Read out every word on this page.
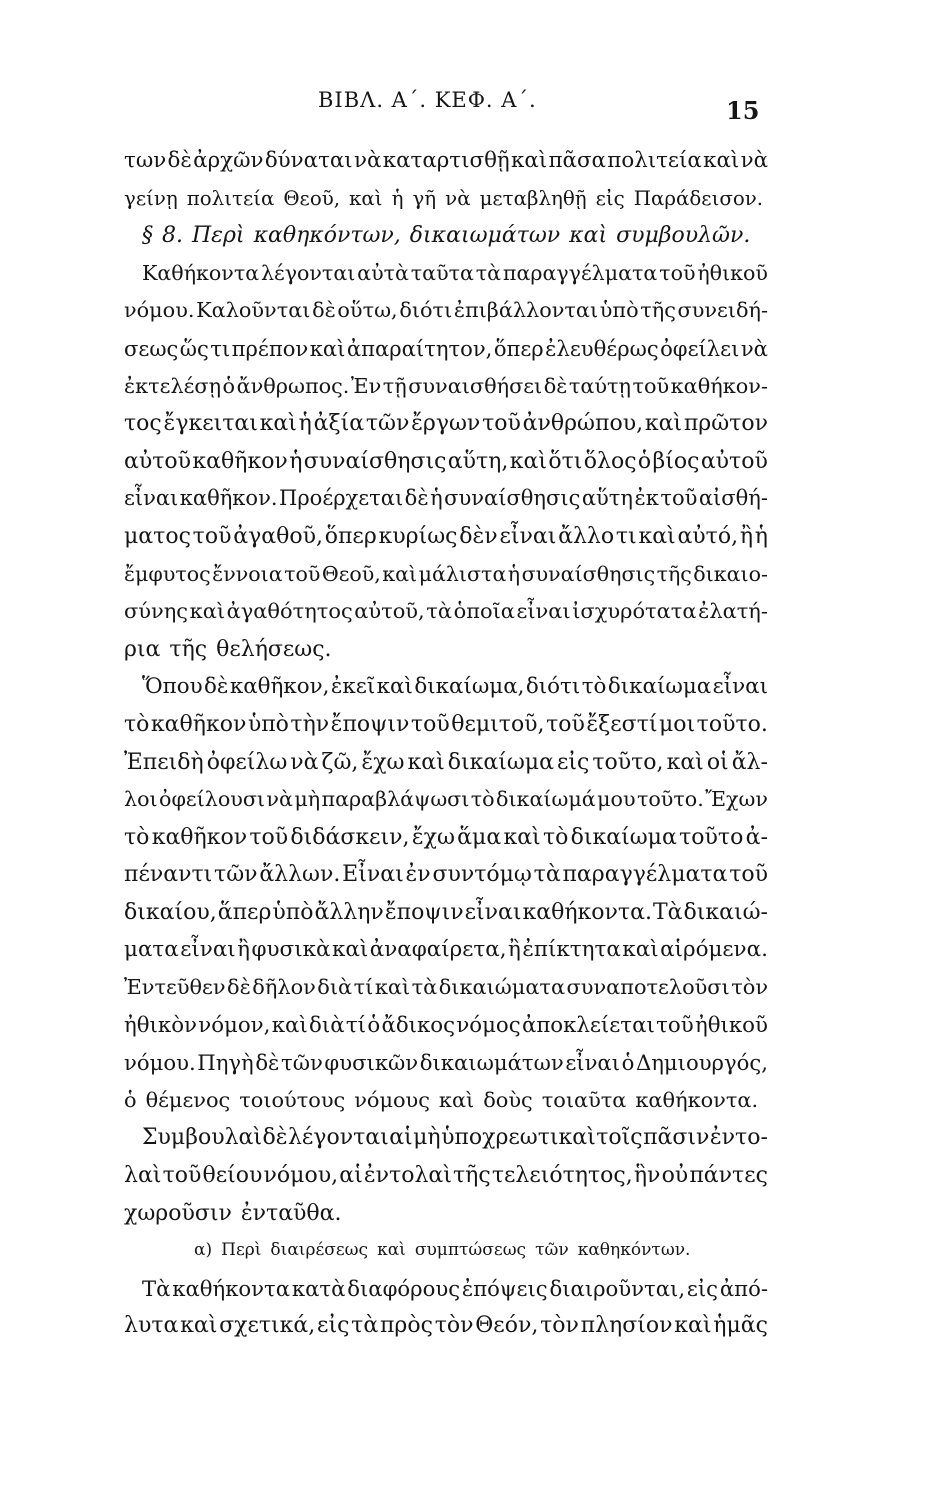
ΒΙΒΛ. Α΄. ΚΕΦ. Α΄.	15
των δὲ ἀρχῶν δύναται νὰ καταρτισθῇ καὶ πᾶσα πολιτεία καὶ νὰ
γείνῃ πολιτεία Θεοῦ, καὶ ἡ γῆ νὰ μεταβληθῇ εἰς Παράδεισον.
§ 8. Περὶ καθηκόντων, δικαιωμάτων καὶ συμβουλῶν.
Καθήκοντα λέγονται αὐτὰ ταῦτα τὰ παραγγέλματα τοῦ ἠθικοῦ
νόμου. Καλοῦνται δὲ οὕτω, διότι ἐπιβάλλονται ὑπὸ τῆς συνειδή-
σεως ὥς τι πρέπον καὶ ἀπαραίτητον, ὅπερ ἐλευθέρως ὀφείλει νὰ
ἐκτελέσῃ ὁ ἄνθρωπος. Ἐν τῇ συναισθήσει δὲ ταύτῃ τοῦ καθήκον-
τος ἔγκειται καὶ ἡ ἀξία τῶν ἔργων τοῦ ἀνθρώπου, καὶ πρῶτον
αὐτοῦ καθῆκον ἡ συναίσθησις αὕτη, καὶ ὅτι ὅλος ὁ βίος αὐτοῦ
εἶναι καθῆκον. Προέρχεται δὲ ἡ συναίσθησις αὕτη ἐκ τοῦ αἰσθή-
ματος τοῦ ἀγαθοῦ, ὅπερ κυρίως δὲν εἶναι ἄλλο τι καὶ αὐτό, ἢ ἡ
ἔμφυτος ἔννοια τοῦ Θεοῦ, καὶ μάλιστα ἡ συναίσθησις τῆς δικαιο-
σύνης καὶ ἀγαθότητος αὐτοῦ, τὰ ὁποῖα εἶναι ἰσχυρότατα ἐλατή-
ρια τῆς θελήσεως.
Ὅπου δὲ καθῆκον, ἐκεῖ καὶ δικαίωμα, διότι τὸ δικαίωμα εἶναι
τὸ καθῆκον ὑπὸ τὴν ἔποψιν τοῦ θεμιτοῦ, τοῦ ἔξεστί μοι τοῦτο.
Ἐπειδὴ ὀφείλω νὰ ζῶ, ἔχω καὶ δικαίωμα εἰς τοῦτο, καὶ οἱ ἄλ-
λοι ὀφείλουσι νὰ μὴ παραβλάψωσι τὸ δικαίωμά μου τοῦτο. Ἔχων
τὸ καθῆκον τοῦ διδάσκειν, ἔχω ἅμα καὶ τὸ δικαίωμα τοῦτο ἀ-
πέναντι τῶν ἄλλων. Εἶναι ἐν συντόμῳ τὰ παραγγέλματα τοῦ
δικαίου, ἅπερ ὑπὸ ἄλλην ἔποψιν εἶναι καθήκοντα. Τὰ δικαιώ-
ματα εἶναι ἢ φυσικὰ καὶ ἀναφαίρετα, ἢ ἐπίκτητα καὶ αἱρόμενα.
Ἐντεῦθεν δὲ δῆλον διὰ τί καὶ τὰ δικαιώματα συναποτελοῦσι τὸν
ἠθικὸν νόμον, καὶ διὰ τί ὁ ἄδικος νόμος ἀποκλείεται τοῦ ἠθικοῦ
νόμου. Πηγὴ δὲ τῶν φυσικῶν δικαιωμάτων εἶναι ὁ Δημιουργός,
ὁ θέμενος τοιούτους νόμους καὶ δοὺς τοιαῦτα καθήκοντα.
Συμβουλαὶ δὲ λέγονται αἱ μὴ ὑποχρεωτικαὶ τοῖς πᾶσιν ἐντο-
λαὶ τοῦ θείου νόμου, αἱ ἐντολαὶ τῆς τελειότητος, ἣν οὐ πάντες
χωροῦσιν ἐνταῦθα.
α) Περὶ διαιρέσεως καὶ συμπτώσεως τῶν καθηκόντων.
Τὰ καθήκοντα κατὰ διαφόρους ἐπόψεις διαιροῦνται, εἰς ἀπό-
λυτα καὶ σχετικά, εἰς τὰ πρὸς τὸν Θεόν, τὸν πλησίον καὶ ἡμᾶς
